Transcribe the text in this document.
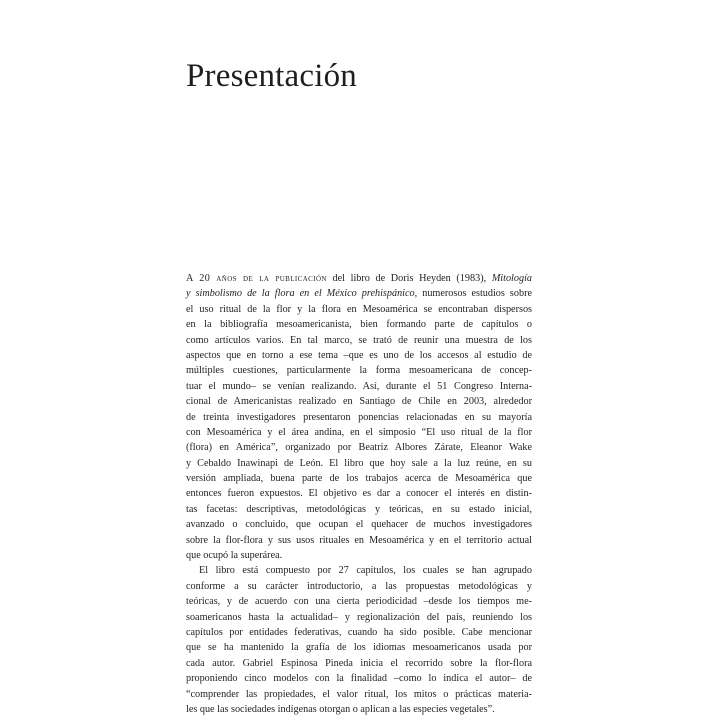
Presentación
A 20 años de la publicación del libro de Doris Heyden (1983), Mitología
y simbolismo de la flora en el México prehispánico, numerosos estudios sobre
el uso ritual de la flor y la flora en Mesoamérica se encontraban dispersos
en la bibliografía mesoamericanista, bien formando parte de capítulos o
como artículos varios. En tal marco, se trató de reunir una muestra de los
aspectos que en torno a ese tema –que es uno de los accesos al estudio de
múltiples cuestiones, particularmente la forma mesoamericana de concep-
tuar el mundo– se venían realizando. Así, durante el 51 Congreso Interna-
cional de Americanistas realizado en Santiago de Chile en 2003, alrededor
de treinta investigadores presentaron ponencias relacionadas en su mayoría
con Mesoamérica y el área andina, en el simposio “El uso ritual de la flor
(flora) en América”, organizado por Beatriz Albores Zárate, Eleanor Wake
y Cebaldo Inawinapi de León. El libro que hoy sale a la luz reúne, en su
versión ampliada, buena parte de los trabajos acerca de Mesoamérica que
entonces fueron expuestos. El objetivo es dar a conocer el interés en distin-
tas facetas: descriptivas, metodológicas y teóricas, en su estado inicial,
avanzado o concluido, que ocupan el quehacer de muchos investigadores
sobre la flor-flora y sus usos rituales en Mesoamérica y en el territorio actual
que ocupó la superárea.
El libro está compuesto por 27 capítulos, los cuales se han agrupado
conforme a su carácter introductorio, a las propuestas metodológicas y
teóricas, y de acuerdo con una cierta periodicidad –desde los tiempos me-
soamericanos hasta la actualidad– y regionalización del país, reuniendo los
capítulos por entidades federativas, cuando ha sido posible. Cabe mencionar
que se ha mantenido la grafía de los idiomas mesoamericanos usada por
cada autor. Gabriel Espinosa Pineda inicia el recorrido sobre la flor-flora
proponiendo cinco modelos con la finalidad –como lo indica el autor– de
“comprender las propiedades, el valor ritual, los mitos o prácticas materia-
les que las sociedades indígenas otorgan o aplican a las especies vegetales”.
